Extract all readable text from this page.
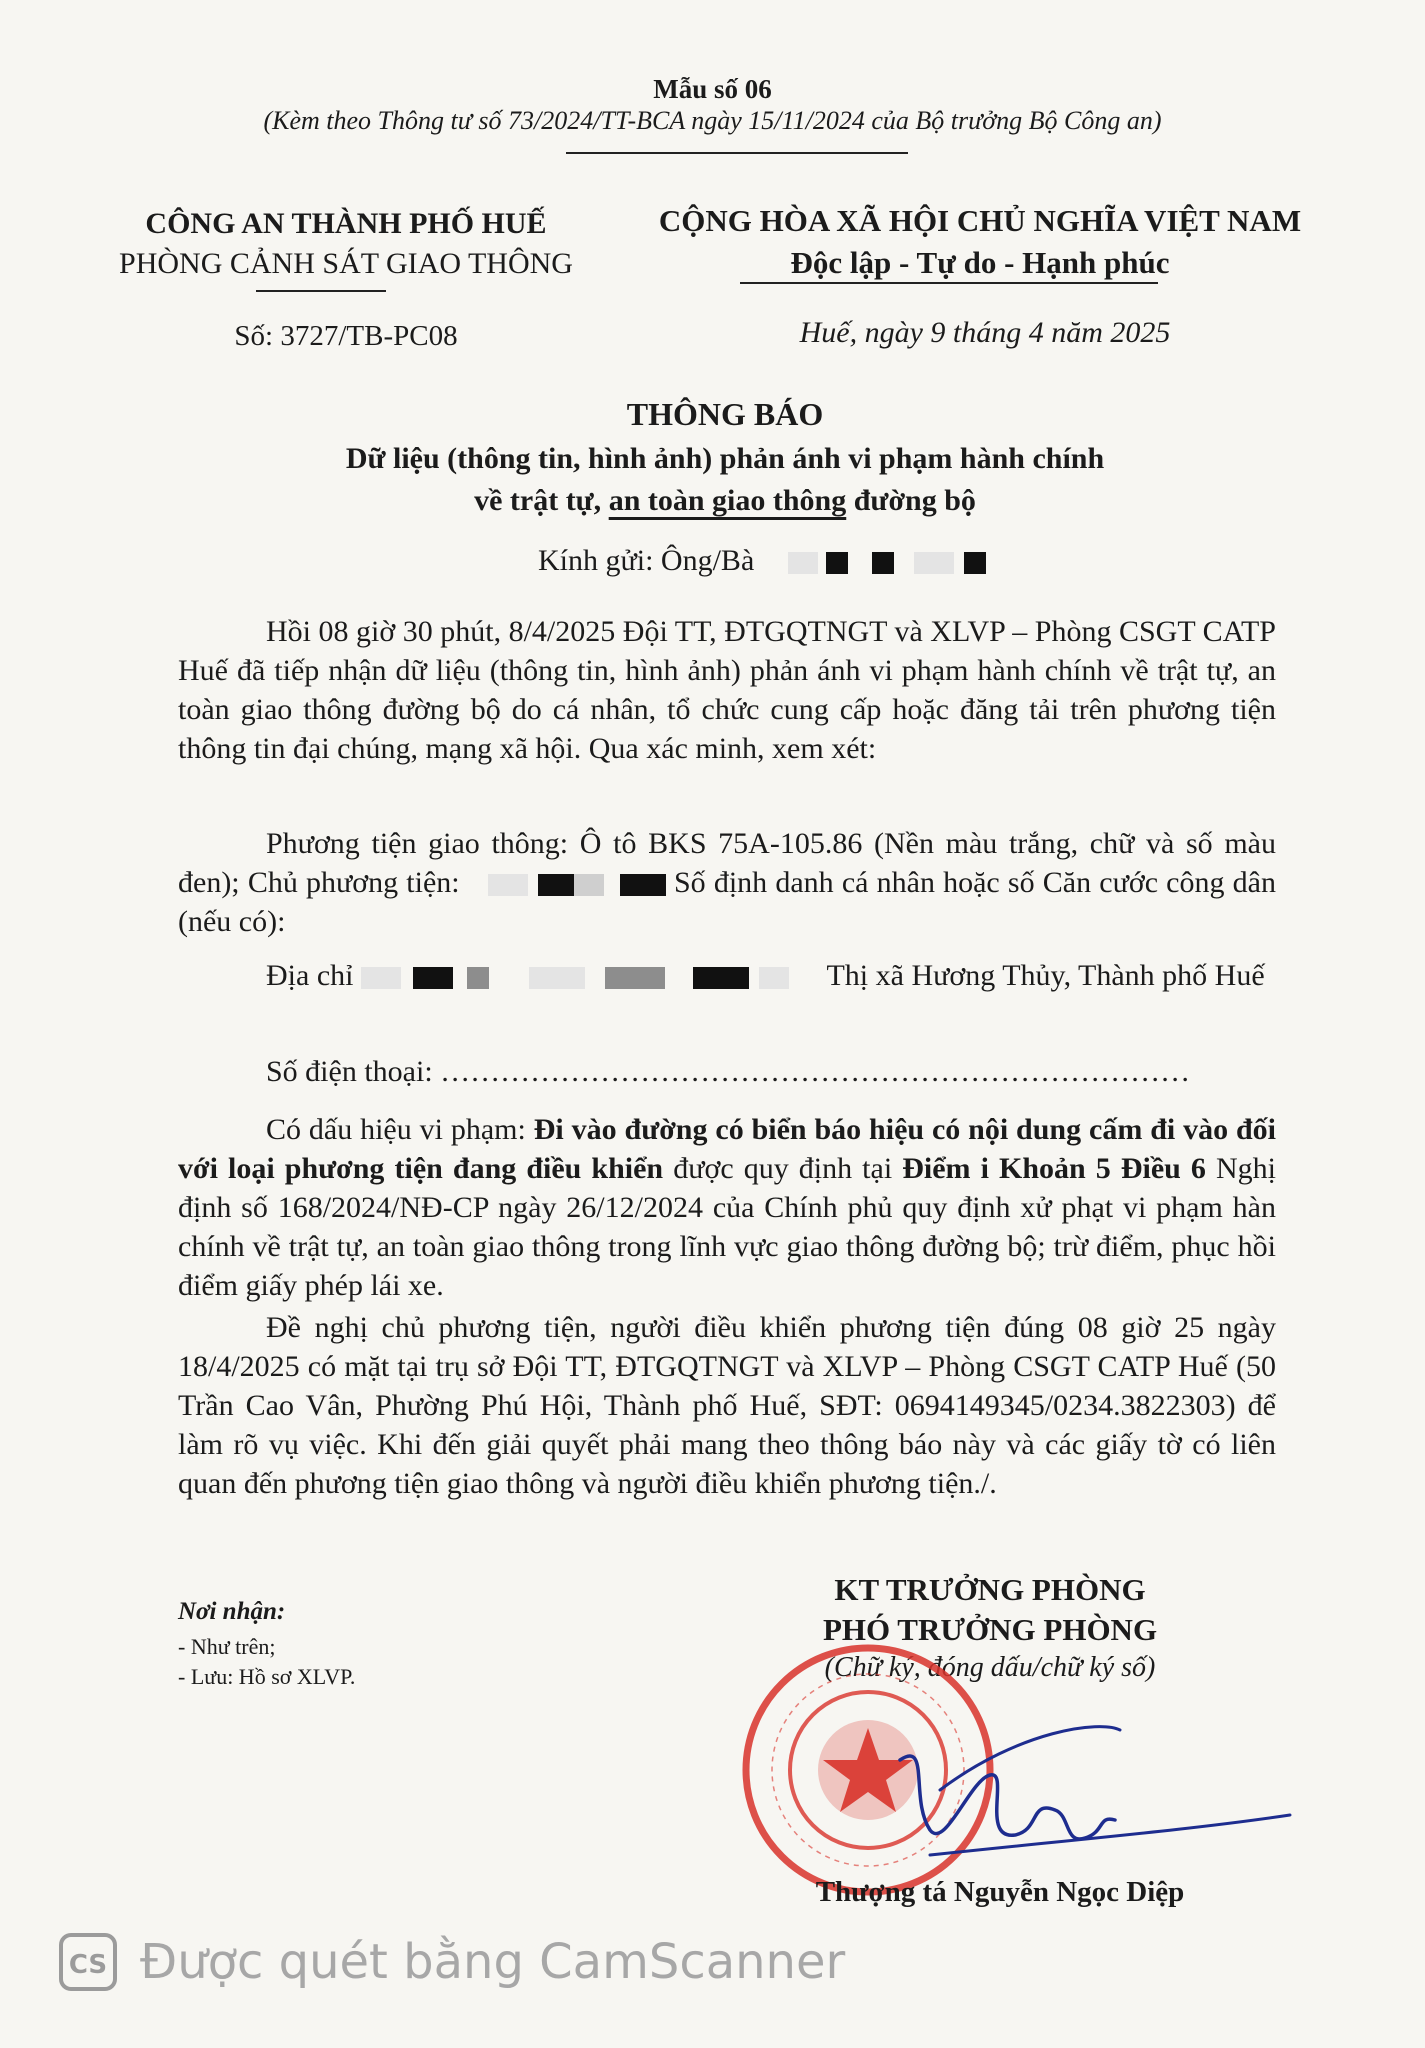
Mẫu số 06
(Kèm theo Thông tư số 73/2024/TT-BCA ngày 15/11/2024 của Bộ trưởng Bộ Công an)
CÔNG AN THÀNH PHỐ HUẾ
PHÒNG CẢNH SÁT GIAO THÔNG
CỘNG HÒA XÃ HỘI CHỦ NGHĨA VIỆT NAM
Độc lập - Tự do - Hạnh phúc
Số: 3727/TB-PC08	Huế, ngày 9 tháng 4 năm 2025
THÔNG BÁO
Dữ liệu (thông tin, hình ảnh) phản ánh vi phạm hành chính
về trật tự, an toàn giao thông đường bộ
Kính gửi: Ông/Bà
Hồi 08 giờ 30 phút, 8/4/2025 Đội TT, ĐTGQTNGT và XLVP – Phòng CSGT CATP Huế đã tiếp nhận dữ liệu (thông tin, hình ảnh) phản ánh vi phạm hành chính về trật tự, an toàn giao thông đường bộ do cá nhân, tổ chức cung cấp hoặc đăng tải trên phương tiện thông tin đại chúng, mạng xã hội. Qua xác minh, xem xét:
Phương tiện giao thông: Ô tô BKS 75A-105.86 (Nền màu trắng, chữ và số màu đen); Chủ phương tiện:	Số định danh cá nhân hoặc số Căn cước công dân (nếu có):
Địa chỉ	Thị xã Hương Thủy, Thành phố Huế
Số điện thoại: …………………………………………………………………
Có dấu hiệu vi phạm: Đi vào đường có biển báo hiệu có nội dung cấm đi vào đối với loại phương tiện đang điều khiển được quy định tại Điểm i Khoản 5 Điều 6 Nghị định số 168/2024/NĐ-CP ngày 26/12/2024 của Chính phủ quy định xử phạt vi phạm hàn chính về trật tự, an toàn giao thông trong lĩnh vực giao thông đường bộ; trừ điểm, phục hồi điểm giấy phép lái xe.
Đề nghị chủ phương tiện, người điều khiển phương tiện đúng 08 giờ 25 ngày 18/4/2025 có mặt tại trụ sở Đội TT, ĐTGQTNGT và XLVP – Phòng CSGT CATP Huế (50 Trần Cao Vân, Phường Phú Hội, Thành phố Huế, SĐT: 0694149345/0234.3822303) để làm rõ vụ việc. Khi đến giải quyết phải mang theo thông báo này và các giấy tờ có liên quan đến phương tiện giao thông và người điều khiển phương tiện./.
Nơi nhận:
- Như trên;
- Lưu: Hồ sơ XLVP.
KT TRƯỞNG PHÒNG
PHÓ TRƯỞNG PHÒNG
(Chữ ký, đóng dấu/chữ ký số)
Thượng tá Nguyễn Ngọc Diệp
CS Được quét bằng CamScanner
